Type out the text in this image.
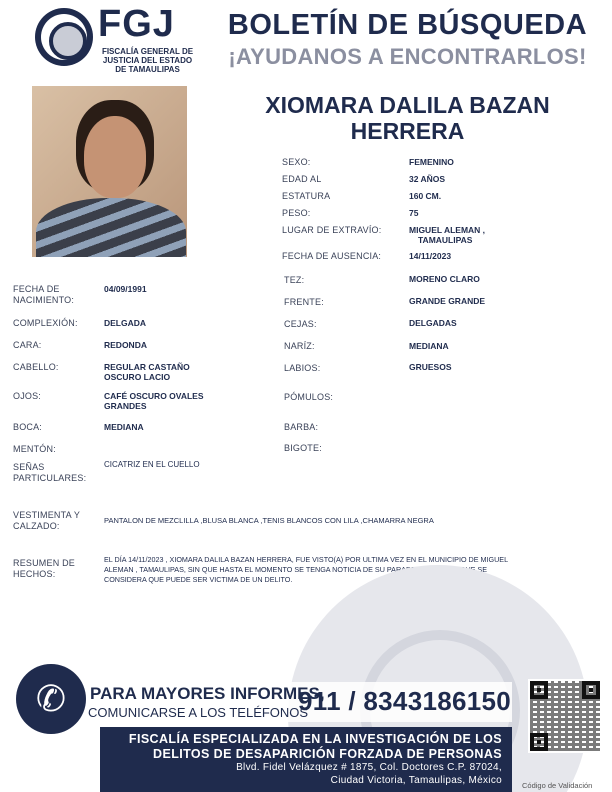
FGJ
FISCALÍA GENERAL DE JUSTICIA DEL ESTADO DE TAMAULIPAS
BOLETÍN DE BÚSQUEDA
¡AYUDANOS A ENCONTRARLOS!
XIOMARA DALILA BAZAN HERRERA
SEXO:	FEMENINO
EDAD AL	32 AÑOS
ESTATURA	160 CM.
PESO:	75
LUGAR DE EXTRAVÍO:	MIGUEL ALEMAN ,
TAMAULIPAS
FECHA DE AUSENCIA:	14/11/2023
FECHA DE
NACIMIENTO:
04/09/1991
COMPLEXIÓN:	DELGADA
CARA:	REDONDA
CABELLO:	REGULAR CASTAÑO
OSCURO LACIO
OJOS:	CAFÉ OSCURO OVALES
GRANDES
BOCA:	MEDIANA
MENTÓN:
SEÑAS
PARTICULARES:
CICATRIZ EN EL CUELLO
TEZ:	MORENO CLARO
FRENTE:	GRANDE GRANDE
CEJAS:	DELGADAS
NARÍZ:	MEDIANA
LABIOS:	GRUESOS
PÓMULOS:
BARBA:
BIGOTE:
VESTIMENTA Y
CALZADO:
PANTALON DE MEZCLILLA ,BLUSA BLANCA ,TENIS BLANCOS CON LILA ,CHAMARRA NEGRA
RESUMEN DE
HECHOS:
EL DÍA 14/11/2023 , XIOMARA DALILA BAZAN HERRERA, FUE VISTO(A) POR ULTIMA VEZ EN EL MUNICIPIO DE MIGUEL
ALEMAN , TAMAULIPAS, SIN QUE HASTA EL MOMENTO SE TENGA NOTICIA DE SU PARADERO, POR LO QUE SE
CONSIDERA QUE PUEDE SER VICTIMA DE UN DELITO.
✆	PARA MAYORES INFORMES,
COMUNICARSE A LOS TELÉFONOS
911 / 8343186150
FISCALÍA ESPECIALIZADA EN LA INVESTIGACIÓN DE LOS
DELITOS DE DESAPARICIÓN FORZADA DE PERSONAS
Blvd. Fidel Velázquez # 1875, Col. Doctores C.P. 87024,
Ciudad Victoria, Tamaulipas, México	Código de Validación
